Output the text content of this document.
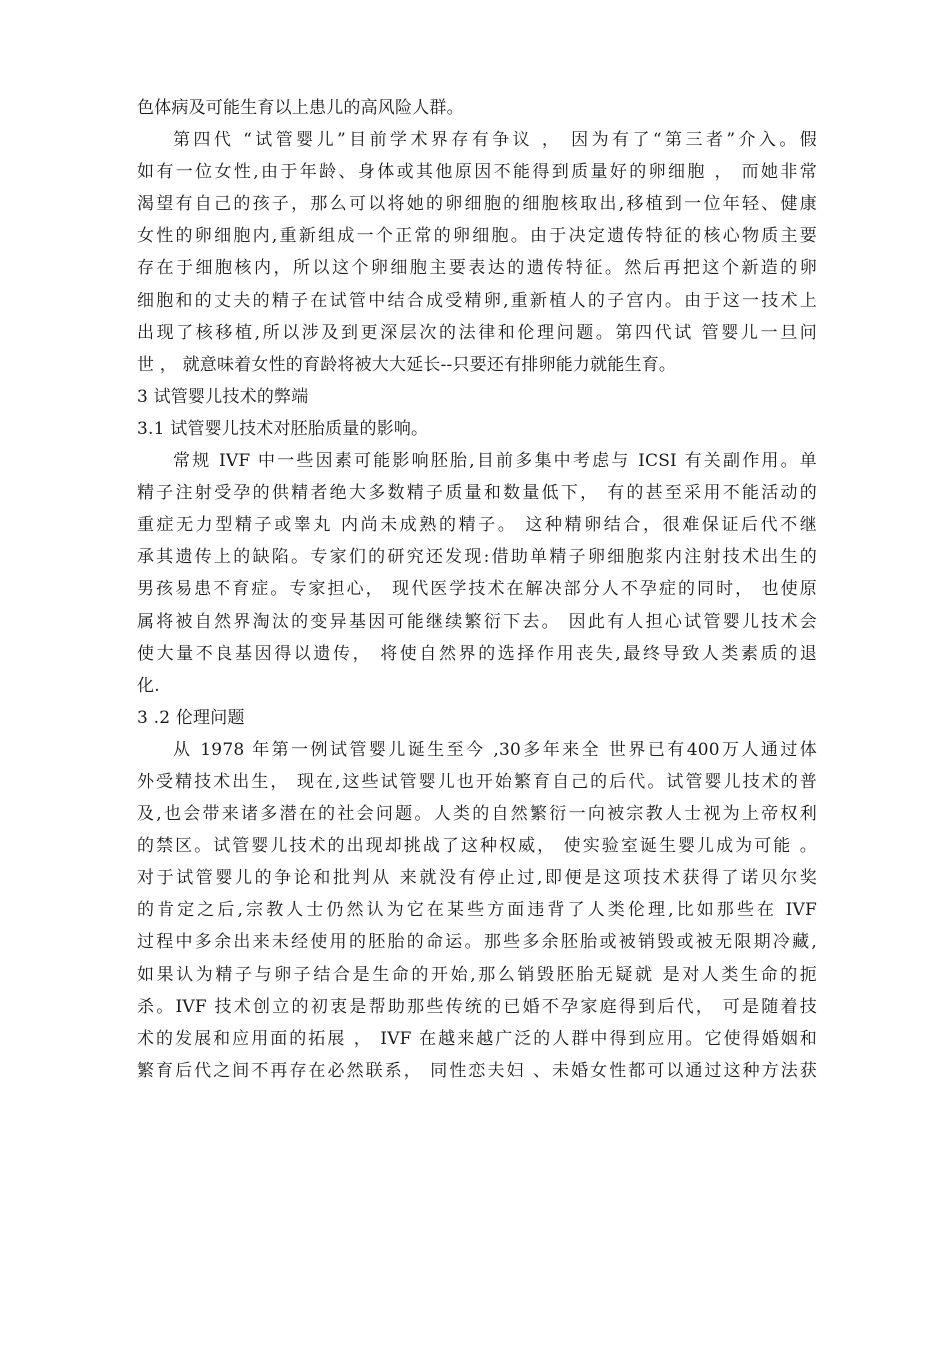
色体病及可能生育以上患儿的高风险人群。
第四代 “试管婴儿”目前学术界存有争议 ， 因为有了“第三者”介入。假
如有一位女性,由于年龄、身体或其他原因不能得到质量好的卵细胞 ， 而她非常
渴望有自己的孩子，那么可以将她的卵细胞的细胞核取出,移植到一位年轻、健康
女性的卵细胞内,重新组成一个正常的卵细胞。由于决定遗传特征的核心物质主要
存在于细胞核内，所以这个卵细胞主要表达的遗传特征。然后再把这个新造的卵
细胞和的丈夫的精子在试管中结合成受精卵,重新植人的子宫内。由于这一技术上
出现了核移植,所以涉及到更深层次的法律和伦理问题。第四代试 管婴儿一旦问
世 ， 就意味着女性的育龄将被大大延长--只要还有排卵能力就能生育。
3 试管婴儿技术的弊端
3.1 试管婴儿技术对胚胎质量的影响。
常规 IVF 中一些因素可能影响胚胎,目前多集中考虑与 ICSI 有关副作用。单
精子注射受孕的供精者绝大多数精子质量和数量低下， 有的甚至采用不能活动的
重症无力型精子或睾丸 内尚未成熟的精子。 这种精卵结合，很难保证后代不继
承其遗传上的缺陷。专家们的研究还发现:借助单精子卵细胞浆内注射技术出生的
男孩易患不育症。专家担心， 现代医学技术在解决部分人不孕症的同时， 也使原
属将被自然界淘汰的变异基因可能继续繁衍下去。 因此有人担心试管婴儿技术会
使大量不良基因得以遗传， 将使自然界的选择作用丧失,最终导致人类素质的退
化.
3 .2 伦理问题
从 1978 年第一例试管婴儿诞生至今 ,30多年来全 世界已有400万人通过体
外受精技术出生， 现在,这些试管婴儿也开始繁育自己的后代。试管婴儿技术的普
及,也会带来诸多潜在的社会问题。人类的自然繁衍一向被宗教人士视为上帝权利
的禁区。试管婴儿技术的出现却挑战了这种权威， 使实验室诞生婴儿成为可能 。
对于试管婴儿的争论和批判从 来就没有停止过,即便是这项技术获得了诺贝尔奖
的肯定之后,宗教人士仍然认为它在某些方面违背了人类伦理,比如那些在 IVF
过程中多余出来未经使用的胚胎的命运。那些多余胚胎或被销毁或被无限期冷藏,
如果认为精子与卵子结合是生命的开始,那么销毁胚胎无疑就 是对人类生命的扼
杀。IVF 技术创立的初衷是帮助那些传统的已婚不孕家庭得到后代， 可是随着技
术的发展和应用面的拓展 ， IVF 在越来越广泛的人群中得到应用。它使得婚姻和
繁育后代之间不再存在必然联系， 同性恋夫妇 、未婚女性都可以通过这种方法获
